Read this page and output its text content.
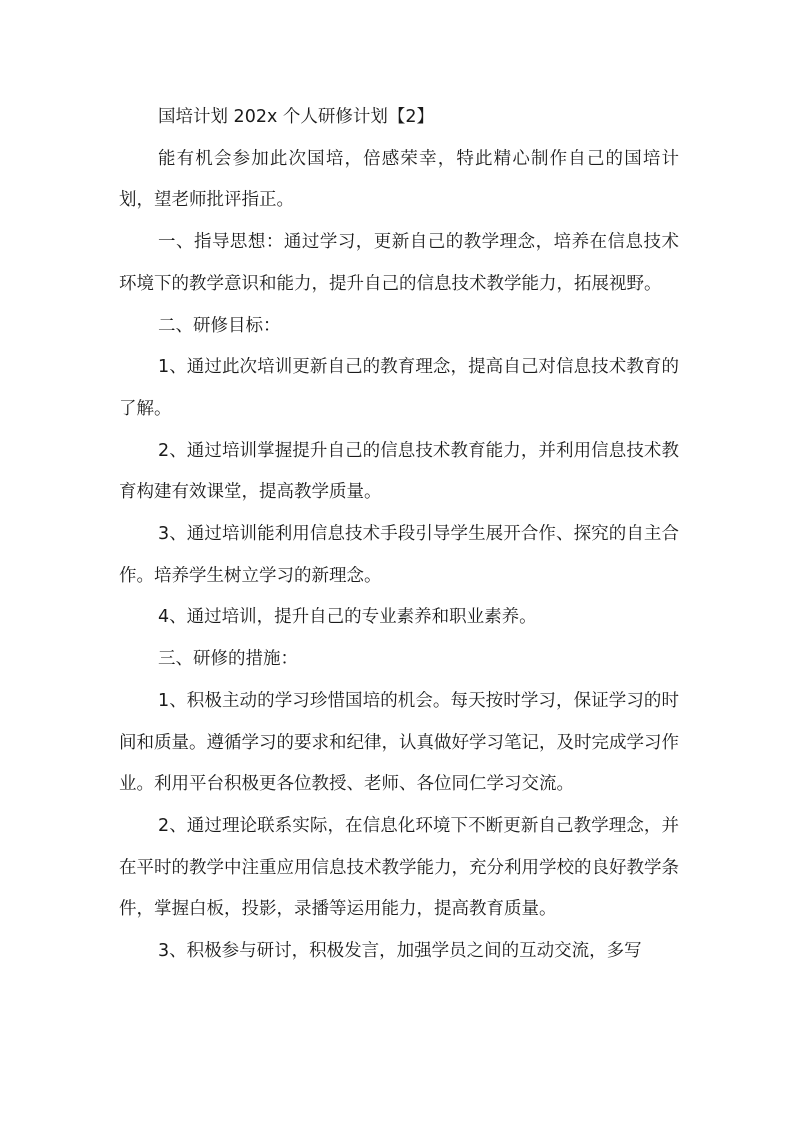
国培计划 202x 个人研修计划【2】

能有机会参加此次国培，倍感荣幸，特此精心制作自己的国培计划，望老师批评指正。

一、指导思想：通过学习，更新自己的教学理念，培养在信息技术环境下的教学意识和能力，提升自己的信息技术教学能力，拓展视野。

二、研修目标：

1、通过此次培训更新自己的教育理念，提高自己对信息技术教育的了解。

2、通过培训掌握提升自己的信息技术教育能力，并利用信息技术教育构建有效课堂，提高教学质量。

3、通过培训能利用信息技术手段引导学生展开合作、探究的自主合作。培养学生树立学习的新理念。

4、通过培训，提升自己的专业素养和职业素养。

三、研修的措施：

1、积极主动的学习珍惜国培的机会。每天按时学习，保证学习的时间和质量。遵循学习的要求和纪律，认真做好学习笔记，及时完成学习作业。利用平台积极更各位教授、老师、各位同仁学习交流。

2、通过理论联系实际，在信息化环境下不断更新自己教学理念，并在平时的教学中注重应用信息技术教学能力，充分利用学校的良好教学条件，掌握白板，投影，录播等运用能力，提高教育质量。

3、积极参与研讨，积极发言，加强学员之间的互动交流，多写
